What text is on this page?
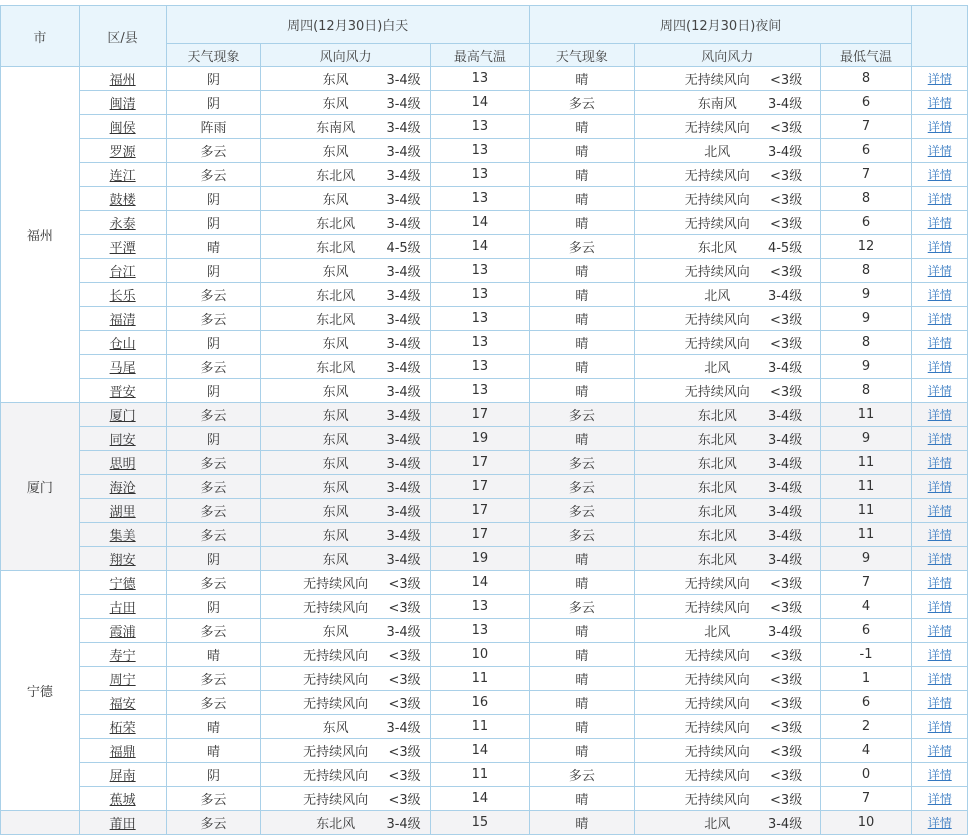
市	区/县	周四(12月30日)白天			周四(12月30日)夜间			
		天气现象	风向风力	最高气温	天气现象	风向风力	最低气温	
福州	福州	阴	东风 3-4级	13	晴	无持续风向 <3级	8	详情
	闽清	阴	东风 3-4级	14	多云	东南风 3-4级	6	详情
	闽侯	阵雨	东南风 3-4级	13	晴	无持续风向 <3级	7	详情
	罗源	多云	东风 3-4级	13	晴	北风 3-4级	6	详情
	连江	多云	东北风 3-4级	13	晴	无持续风向 <3级	7	详情
	鼓楼	阴	东风 3-4级	13	晴	无持续风向 <3级	8	详情
	永泰	阴	东北风 3-4级	14	晴	无持续风向 <3级	6	详情
	平潭	晴	东北风 4-5级	14	多云	东北风 4-5级	12	详情
	台江	阴	东风 3-4级	13	晴	无持续风向 <3级	8	详情
	长乐	多云	东北风 3-4级	13	晴	北风 3-4级	9	详情
	福清	多云	东北风 3-4级	13	晴	无持续风向 <3级	9	详情
	仓山	阴	东风 3-4级	13	晴	无持续风向 <3级	8	详情
	马尾	多云	东北风 3-4级	13	晴	北风 3-4级	9	详情
	晋安	阴	东风 3-4级	13	晴	无持续风向 <3级	8	详情
厦门	厦门	多云	东风 3-4级	17	多云	东北风 3-4级	11	详情
	同安	阴	东风 3-4级	19	晴	东北风 3-4级	9	详情
	思明	多云	东风 3-4级	17	多云	东北风 3-4级	11	详情
	海沧	多云	东风 3-4级	17	多云	东北风 3-4级	11	详情
	湖里	多云	东风 3-4级	17	多云	东北风 3-4级	11	详情
	集美	多云	东风 3-4级	17	多云	东北风 3-4级	11	详情
	翔安	阴	东风 3-4级	19	晴	东北风 3-4级	9	详情
宁德	宁德	多云	无持续风向 <3级	14	晴	无持续风向 <3级	7	详情
	古田	阴	无持续风向 <3级	13	多云	无持续风向 <3级	4	详情
	霞浦	多云	东风 3-4级	13	晴	北风 3-4级	6	详情
	寿宁	晴	无持续风向 <3级	10	晴	无持续风向 <3级	-1	详情
	周宁	多云	无持续风向 <3级	11	晴	无持续风向 <3级	1	详情
	福安	多云	无持续风向 <3级	16	晴	无持续风向 <3级	6	详情
	柘荣	晴	东风 3-4级	11	晴	无持续风向 <3级	2	详情
	福鼎	晴	无持续风向 <3级	14	晴	无持续风向 <3级	4	详情
	屏南	阴	无持续风向 <3级	11	多云	无持续风向 <3级	0	详情
	蕉城	多云	无持续风向 <3级	14	晴	无持续风向 <3级	7	详情
	莆田	多云	东北风 3-4级	15	晴	北风 3-4级	10	详情
